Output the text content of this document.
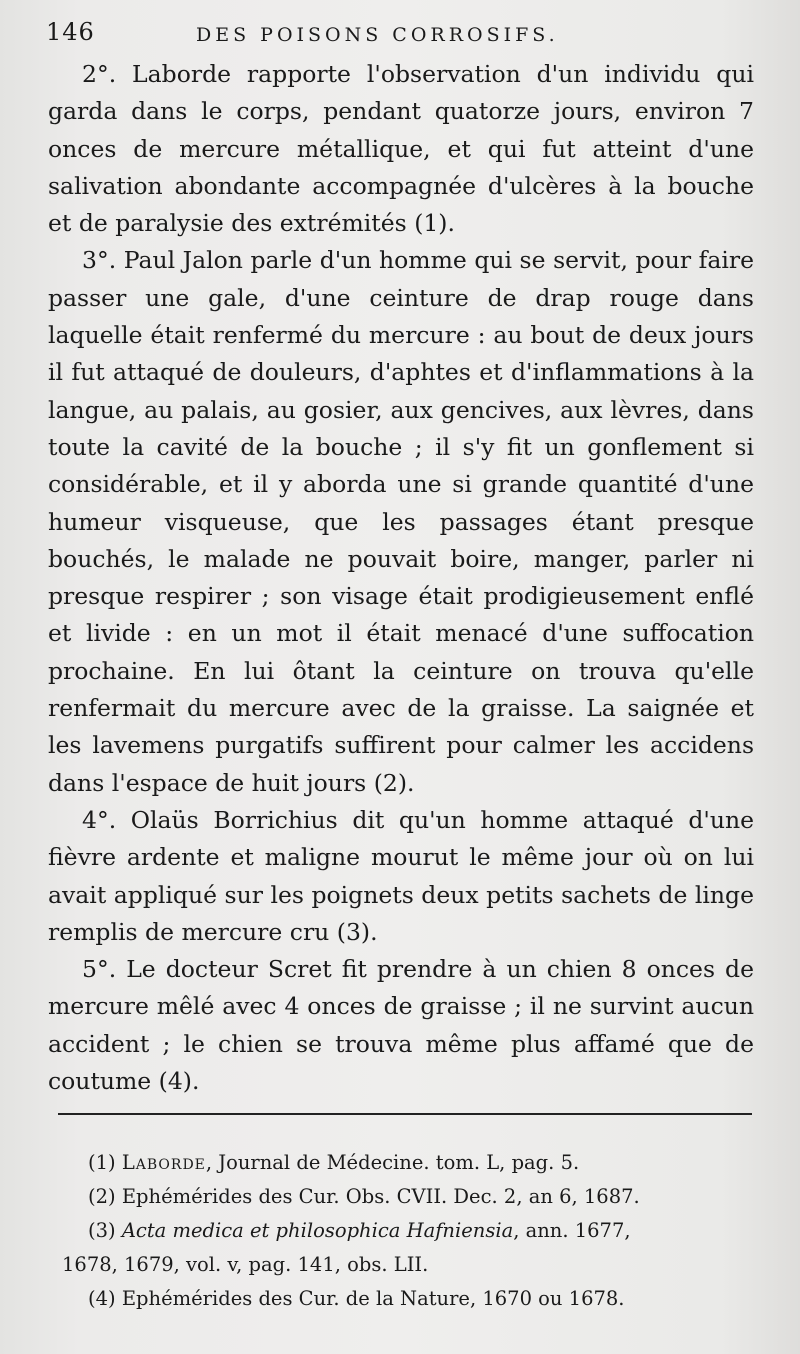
146	DES POISONS CORROSIFS.

2°. Laborde rapporte l'observation d'un individu qui garda dans le corps, pendant quatorze jours, environ 7 onces de mercure métallique, et qui fut atteint d'une salivation abondante accompagnée d'ulcères à la bouche et de paralysie des extrémités (1).

3°. Paul Jalon parle d'un homme qui se servit, pour faire passer une gale, d'une ceinture de drap rouge dans laquelle était renfermé du mercure : au bout de deux jours il fut attaqué de douleurs, d'aphtes et d'inflammations à la langue, au palais, au gosier, aux gencives, aux lèvres, dans toute la cavité de la bouche ; il s'y fit un gonflement si considérable, et il y aborda une si grande quantité d'une humeur visqueuse, que les passages étant presque bouchés, le malade ne pouvait boire, manger, parler ni presque respirer ; son visage était prodigieusement enflé et livide : en un mot il était menacé d'une suffocation prochaine. En lui ôtant la ceinture on trouva qu'elle renfermait du mercure avec de la graisse. La saignée et les lavemens purgatifs suffirent pour calmer les accidens dans l'espace de huit jours (2).

4°. Olaüs Borrichius dit qu'un homme attaqué d'une fièvre ardente et maligne mourut le même jour où on lui avait appliqué sur les poignets deux petits sachets de linge remplis de mercure cru (3).

5°. Le docteur Scret fit prendre à un chien 8 onces de mercure mêlé avec 4 onces de graisse ; il ne survint aucun accident ; le chien se trouva même plus affamé que de coutume (4).

(1) Laborde, Journal de Médecine. tom. L, pag. 5.

(2) Ephémérides des Cur. Obs. CVII. Dec. 2, an 6, 1687.

(3) Acta medica et philosophica Hafniensia, ann. 1677,

1678, 1679, vol. v, pag. 141, obs. LII.

(4) Ephémérides des Cur. de la Nature, 1670 ou 1678.
